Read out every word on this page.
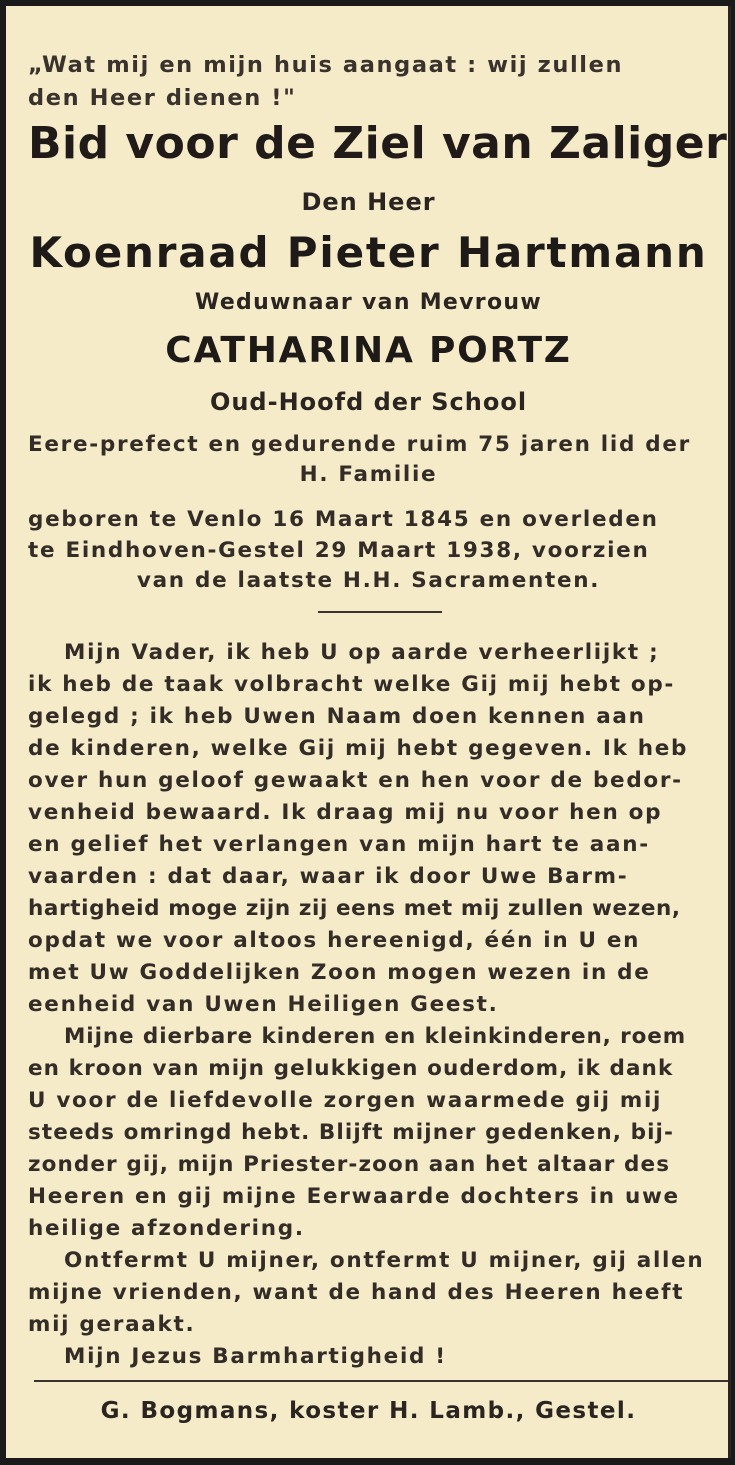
„Wat mij en mijn huis aangaat : wij zullen

den Heer dienen !"

Bid voor de Ziel van Zaliger

Den Heer

Koenraad Pieter Hartmann

Weduwnaar van Mevrouw

CATHARINA PORTZ

Oud-Hoofd der School

Eere-prefect en gedurende ruim 75 jaren lid der

H. Familie

geboren te Venlo 16 Maart 1845 en overleden

te Eindhoven-Gestel 29 Maart 1938, voorzien

van de laatste H.H. Sacramenten.

Mijn Vader, ik heb U op aarde verheerlijkt ;

ik heb de taak volbracht welke Gij mij hebt op-

gelegd ; ik heb Uwen Naam doen kennen aan

de kinderen, welke Gij mij hebt gegeven. Ik heb

over hun geloof gewaakt en hen voor de bedor-

venheid bewaard. Ik draag mij nu voor hen op

en gelief het verlangen van mijn hart te aan-

vaarden : dat daar, waar ik door Uwe Barm-

hartigheid moge zijn zij eens met mij zullen wezen,

opdat we voor altoos hereenigd, één in U en

met Uw Goddelijken Zoon mogen wezen in de

eenheid van Uwen Heiligen Geest.

Mijne dierbare kinderen en kleinkinderen, roem

en kroon van mijn gelukkigen ouderdom, ik dank

U voor de liefdevolle zorgen waarmede gij mij

steeds omringd hebt. Blijft mijner gedenken, bij-

zonder gij, mijn Priester-zoon aan het altaar des

Heeren en gij mijne Eerwaarde dochters in uwe

heilige afzondering.

Ontfermt U mijner, ontfermt U mijner, gij allen

mijne vrienden, want de hand des Heeren heeft

mij geraakt.

Mijn Jezus Barmhartigheid !

G. Bogmans, koster H. Lamb., Gestel.
